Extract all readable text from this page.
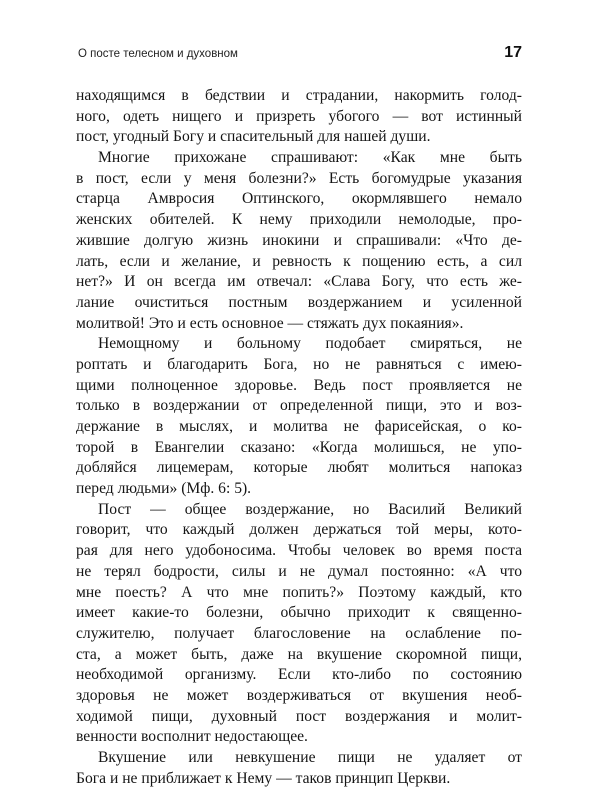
О посте телесном и духовном	17
находящимся в бедствии и страдании, накормить голод-
ного, одеть нищего и призреть убогого — вот истинный
пост, угодный Богу и спасительный для нашей души.
Многие прихожане спрашивают: «Как мне быть
в пост, если у меня болезни?» Есть богомудрые указания
старца Амвросия Оптинского, окормлявшего немало
женских обителей. К нему приходили немолодые, про-
жившие долгую жизнь инокини и спрашивали: «Что де-
лать, если и желание, и ревность к пощению есть, а сил
нет?» И он всегда им отвечал: «Слава Богу, что есть же-
лание очиститься постным воздержанием и усиленной
молитвой! Это и есть основное — стяжать дух покаяния».
Немощному и больному подобает смиряться, не
роптать и благодарить Бога, но не равняться с имею-
щими полноценное здоровье. Ведь пост проявляется не
только в воздержании от определенной пищи, это и воз-
держание в мыслях, и молитва не фарисейская, о ко-
торой в Евангелии сказано: «Когда молишься, не упо-
добляйся лицемерам, которые любят молиться напоказ
перед людьми» (Мф. 6: 5).
Пост — общее воздержание, но Василий Великий
говорит, что каждый должен держаться той меры, кото-
рая для него удобоносима. Чтобы человек во время поста
не терял бодрости, силы и не думал постоянно: «А что
мне поесть? А что мне попить?» Поэтому каждый, кто
имеет какие-то болезни, обычно приходит к священно-
служителю, получает благословение на ослабление по-
ста, а может быть, даже на вкушение скоромной пищи,
необходимой организму. Если кто-либо по состоянию
здоровья не может воздерживаться от вкушения необ-
ходимой пищи, духовный пост воздержания и молит-
венности восполнит недостающее.
Вкушение или невкушение пищи не удаляет от
Бога и не приближает к Нему — таков принцип Церкви.
